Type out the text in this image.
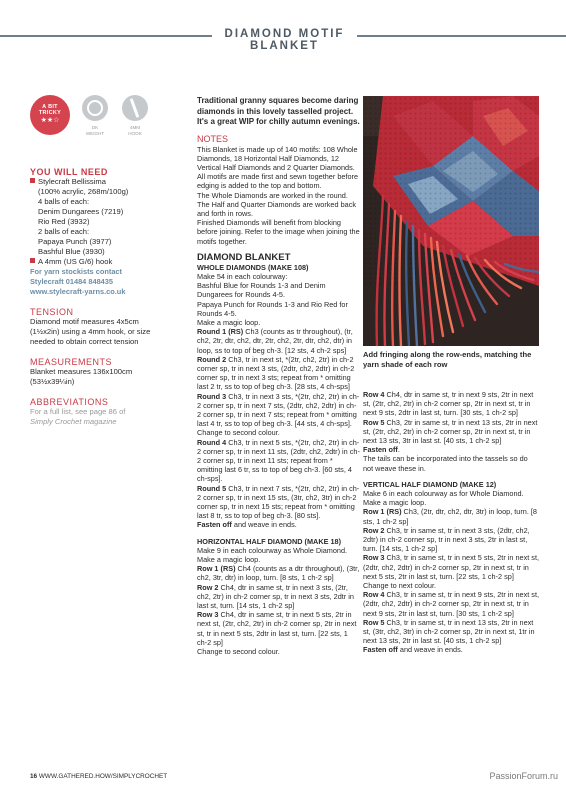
DIAMOND MOTIF BLANKET
A BIT
TRICKY
★★☆
DK
WEIGHT
4MM
HOOK
YOU WILL NEED
Stylecraft Bellissima
(100% acrylic, 268m/100g)
4 balls of each:
Denim Dungarees (7219)
Rio Red (3932)
2 balls of each:
Papaya Punch (3977)
Bashful Blue (3930)
A 4mm (US G/6) hook
For yarn stockists contact
Stylecraft 01484 848435
www.stylecraft-yarns.co.uk
TENSION

Diamond motif measures 4x5cm

(1½x2in) using a 4mm hook, or size

needed to obtain correct tension

MEASUREMENTS

Blanket measures 136x100cm

(53½x39¼in)

ABBREVIATIONS

For a full list, see page 86 of

Simply Crochet magazine

Traditional granny squares become daring diamonds in this lovely tasselled project. It's a great WIP for chilly autumn evenings.

NOTES

This Blanket is made up of 140 motifs: 108 Whole Diamonds, 18 Horizontal Half Diamonds, 12 Vertical Half Diamonds and 2 Quarter Diamonds. All motifs are made first and sewn together before edging is added to the top and bottom.

The Whole Diamonds are worked in the round. The Half and Quarter Diamonds are worked back and forth in rows.

Finished Diamonds will benefit from blocking before joining. Refer to the image when joining the motifs together.

DIAMOND BLANKET

WHOLE DIAMONDS (MAKE 108)

Make 54 in each colourway:

Bashful Blue for Rounds 1-3 and Denim Dungarees for Rounds 4-5.

Papaya Punch for Rounds 1-3 and Rio Red for Rounds 4-5.

Make a magic loop.

Round 1 (RS) Ch3 (counts as tr throughout), (tr, ch2, 2tr, dtr, ch2, dtr, 2tr, ch2, 2tr, dtr, ch2, dtr) in loop, ss to top of beg ch-3. [12 sts, 4 ch-2 sps]

Round 2 Ch3, tr in next st, *(2tr, ch2, 2tr) in ch-2 corner sp, tr in next 3 sts, (2dtr, ch2, 2dtr) in ch-2 corner sp, tr in next 3 sts; repeat from * omitting last 2 tr, ss to top of beg ch-3. [28 sts, 4 ch-sps]

Round 3 Ch3, tr in next 3 sts, *(2tr, ch2, 2tr) in ch-2 corner sp, tr in next 7 sts, (2dtr, ch2, 2dtr) in ch-2 corner sp, tr in next 7 sts; repeat from * omitting last 4 tr, ss to top of beg ch-3. [44 sts, 4 ch-sps].

Change to second colour.

Round 4 Ch3, tr in next 5 sts, *(2tr, ch2, 2tr) in ch-2 corner sp, tr in next 11 sts, (2dtr, ch2, 2dtr) in ch-2 corner sp, tr in next 11 sts; repeat from * omitting last 6 tr, ss to top of beg ch-3. [60 sts, 4 ch-sps].

Round 5 Ch3, tr in next 7 sts, *(2tr, ch2, 2tr) in ch-2 corner sp, tr in next 15 sts, (3tr, ch2, 3tr) in ch-2 corner sp, tr in next 15 sts; repeat from * omitting last 8 tr, ss to top of beg ch-3. [80 sts].

Fasten off and weave in ends.

HORIZONTAL HALF DIAMOND (MAKE 18)

Make 9 in each colourway as Whole Diamond.

Make a magic loop.

Row 1 (RS) Ch4 (counts as a dtr throughout), (3tr, ch2, 3tr, dtr) in loop, turn. [8 sts, 1 ch-2 sp]

Row 2 Ch4, dtr in same st, tr in next 3 sts, (2tr, ch2, 2tr) in ch-2 corner sp, tr in next 3 sts, 2dtr in last st, turn. [14 sts, 1 ch-2 sp]

Row 3 Ch4, dtr in same st, tr in next 5 sts, 2tr in next st, (2tr, ch2, 2tr) in ch-2 corner sp, 2tr in next st, tr in next 5 sts, 2dtr in last st, turn. [22 sts, 1 ch-2 sp]

Change to second colour.

Add fringing along the row-ends, matching the yarn shade of each row

Row 4 Ch4, dtr in same st, tr in next 9 sts, 2tr in next st, (2tr, ch2, 2tr) in ch-2 corner sp, 2tr in next st, tr in next 9 sts, 2dtr in last st, turn. [30 sts, 1 ch-2 sp]

Row 5 Ch3, 2tr in same st, tr in next 13 sts, 2tr in next st, (2tr, ch2, 2tr) in ch-2 corner sp, 2tr in next st, tr in next 13 sts, 3tr in last st. [40 sts, 1 ch-2 sp]

Fasten off.

The tails can be incorporated into the tassels so do not weave these in.

VERTICAL HALF DIAMOND (MAKE 12)

Make 6 in each colourway as for Whole Diamond.

Make a magic loop.

Row 1 (RS) Ch3, (2tr, dtr, ch2, dtr, 3tr) in loop, turn. [8 sts, 1 ch-2 sp]

Row 2 Ch3, tr in same st, tr in next 3 sts, (2dtr, ch2, 2dtr) in ch-2 corner sp, tr in next 3 sts, 2tr in last st, turn. [14 sts, 1 ch-2 sp]

Row 3 Ch3, tr in same st, tr in next 5 sts, 2tr in next st, (2dtr, ch2, 2dtr) in ch-2 corner sp, 2tr in next st, tr in next 5 sts, 2tr in last st, turn. [22 sts, 1 ch-2 sp]

Change to next colour.

Row 4 Ch3, tr in same st, tr in next 9 sts, 2tr in next st, (2dtr, ch2, 2dtr) in ch-2 corner sp, 2tr in next st, tr in next 9 sts, 2tr in last st, turn. [30 sts, 1 ch-2 sp]

Row 5 Ch3, tr in same st, tr in next 13 sts, 2tr in next st, (3tr, ch2, 3tr) in ch-2 corner sp, 2tr in next st, 1tr in next 13 sts, 2tr in last st. [40 sts, 1 ch-2 sp]

Fasten off and weave in ends.

16 WWW.GATHERED.HOW/SIMPLYCROCHET	PassionForum.ru
